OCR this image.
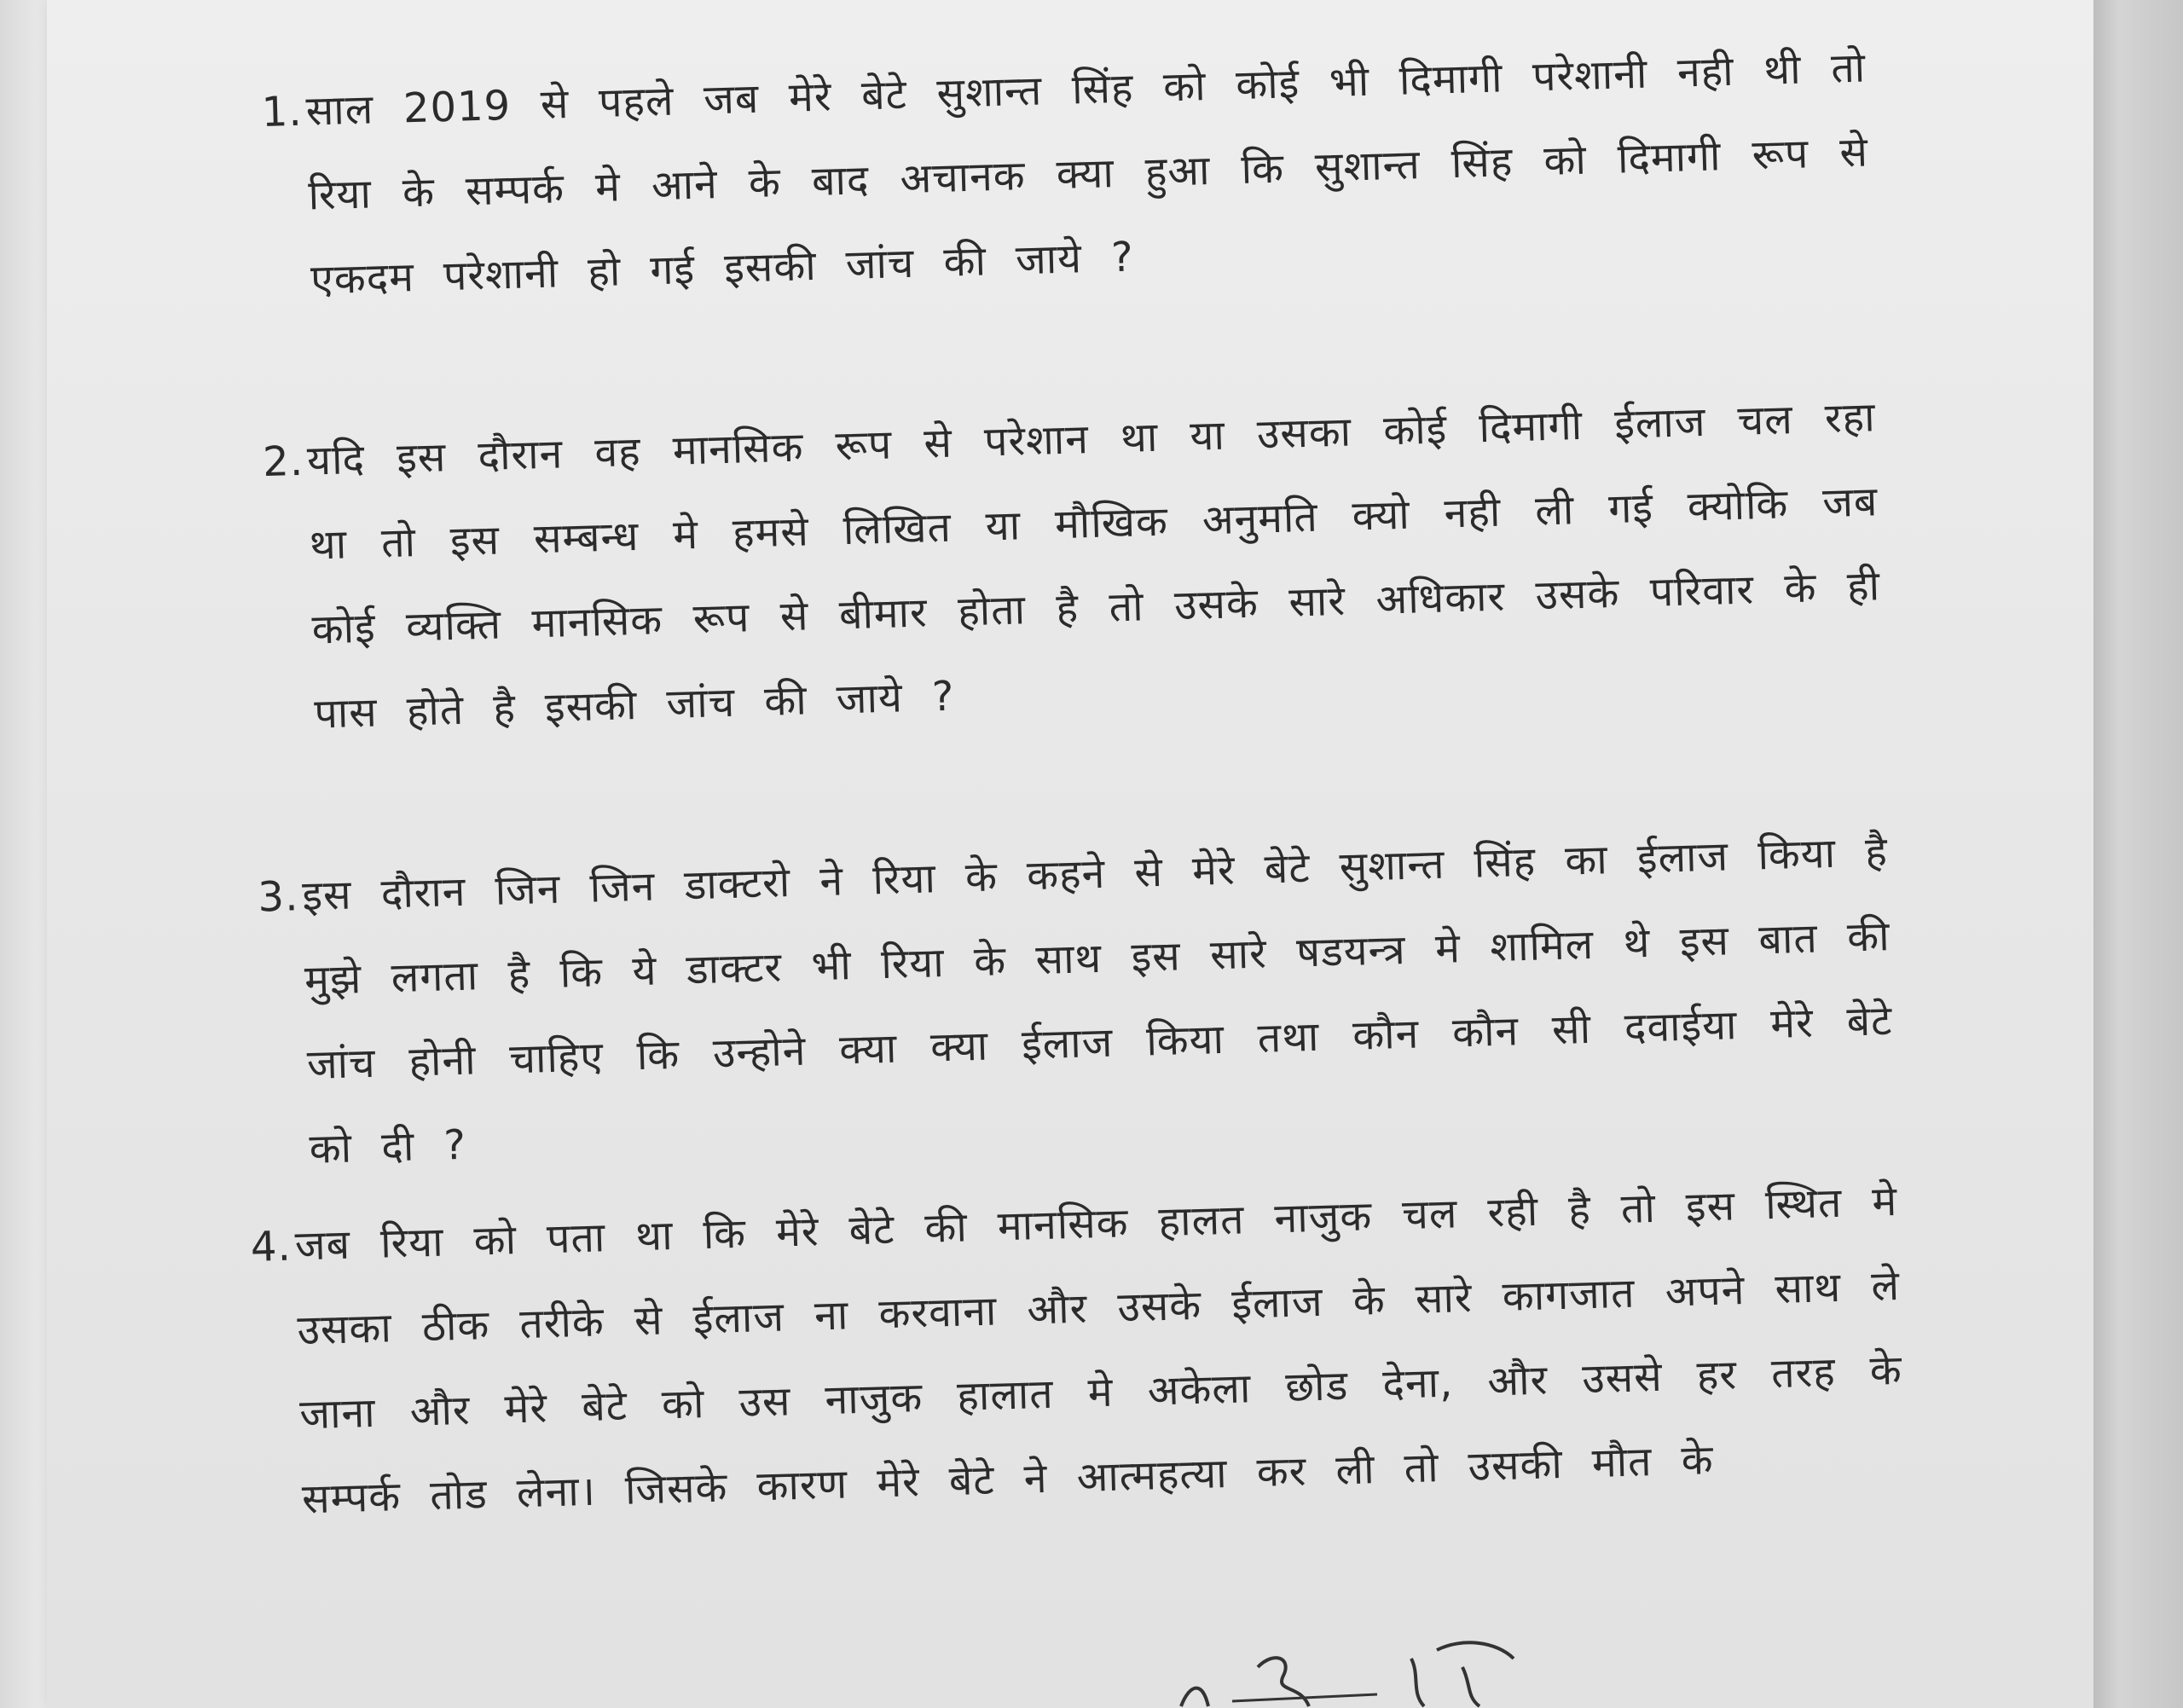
1. साल 2019 से पहले जब मेरे बेटे सुशान्त सिंह को कोई भी दिमागी परेशानी नही थी तो रिया के सम्पर्क मे आने के बाद अचानक क्या हुआ कि सुशान्त सिंह को दिमागी रूप से एकदम परेशानी हो गई इसकी जांच की जाये ?
2. यदि इस दौरान वह मानसिक रूप से परेशान था या उसका कोई दिमागी ईलाज चल रहा था तो इस सम्बन्ध मे हमसे लिखित या मौखिक अनुमति क्यो नही ली गई क्योकि जब कोई व्यक्ति मानसिक रूप से बीमार होता है तो उसके सारे अधिकार उसके परिवार के ही पास होते है इसकी जांच की जाये ?
3. इस दौरान जिन जिन डाक्टरो ने रिया के कहने से मेरे बेटे सुशान्त सिंह का ईलाज किया है मुझे लगता है कि ये डाक्टर भी रिया के साथ इस सारे षडयन्त्र मे शामिल थे इस बात की जांच होनी चाहिए कि उन्होने क्या क्या ईलाज किया तथा कौन कौन सी दवाईया मेरे बेटे को दी ?
4. जब रिया को पता था कि मेरे बेटे की मानसिक हालत नाजुक चल रही है तो इस स्थित मे उसका ठीक तरीके से ईलाज ना करवाना और उसके ईलाज के सारे कागजात अपने साथ ले जाना और मेरे बेटे को उस नाजुक हालात मे अकेला छोड देना, और उससे हर तरह के सम्पर्क तोड लेना। जिसके कारण मेरे बेटे ने आत्महत्या कर ली तो उसकी मौत के
